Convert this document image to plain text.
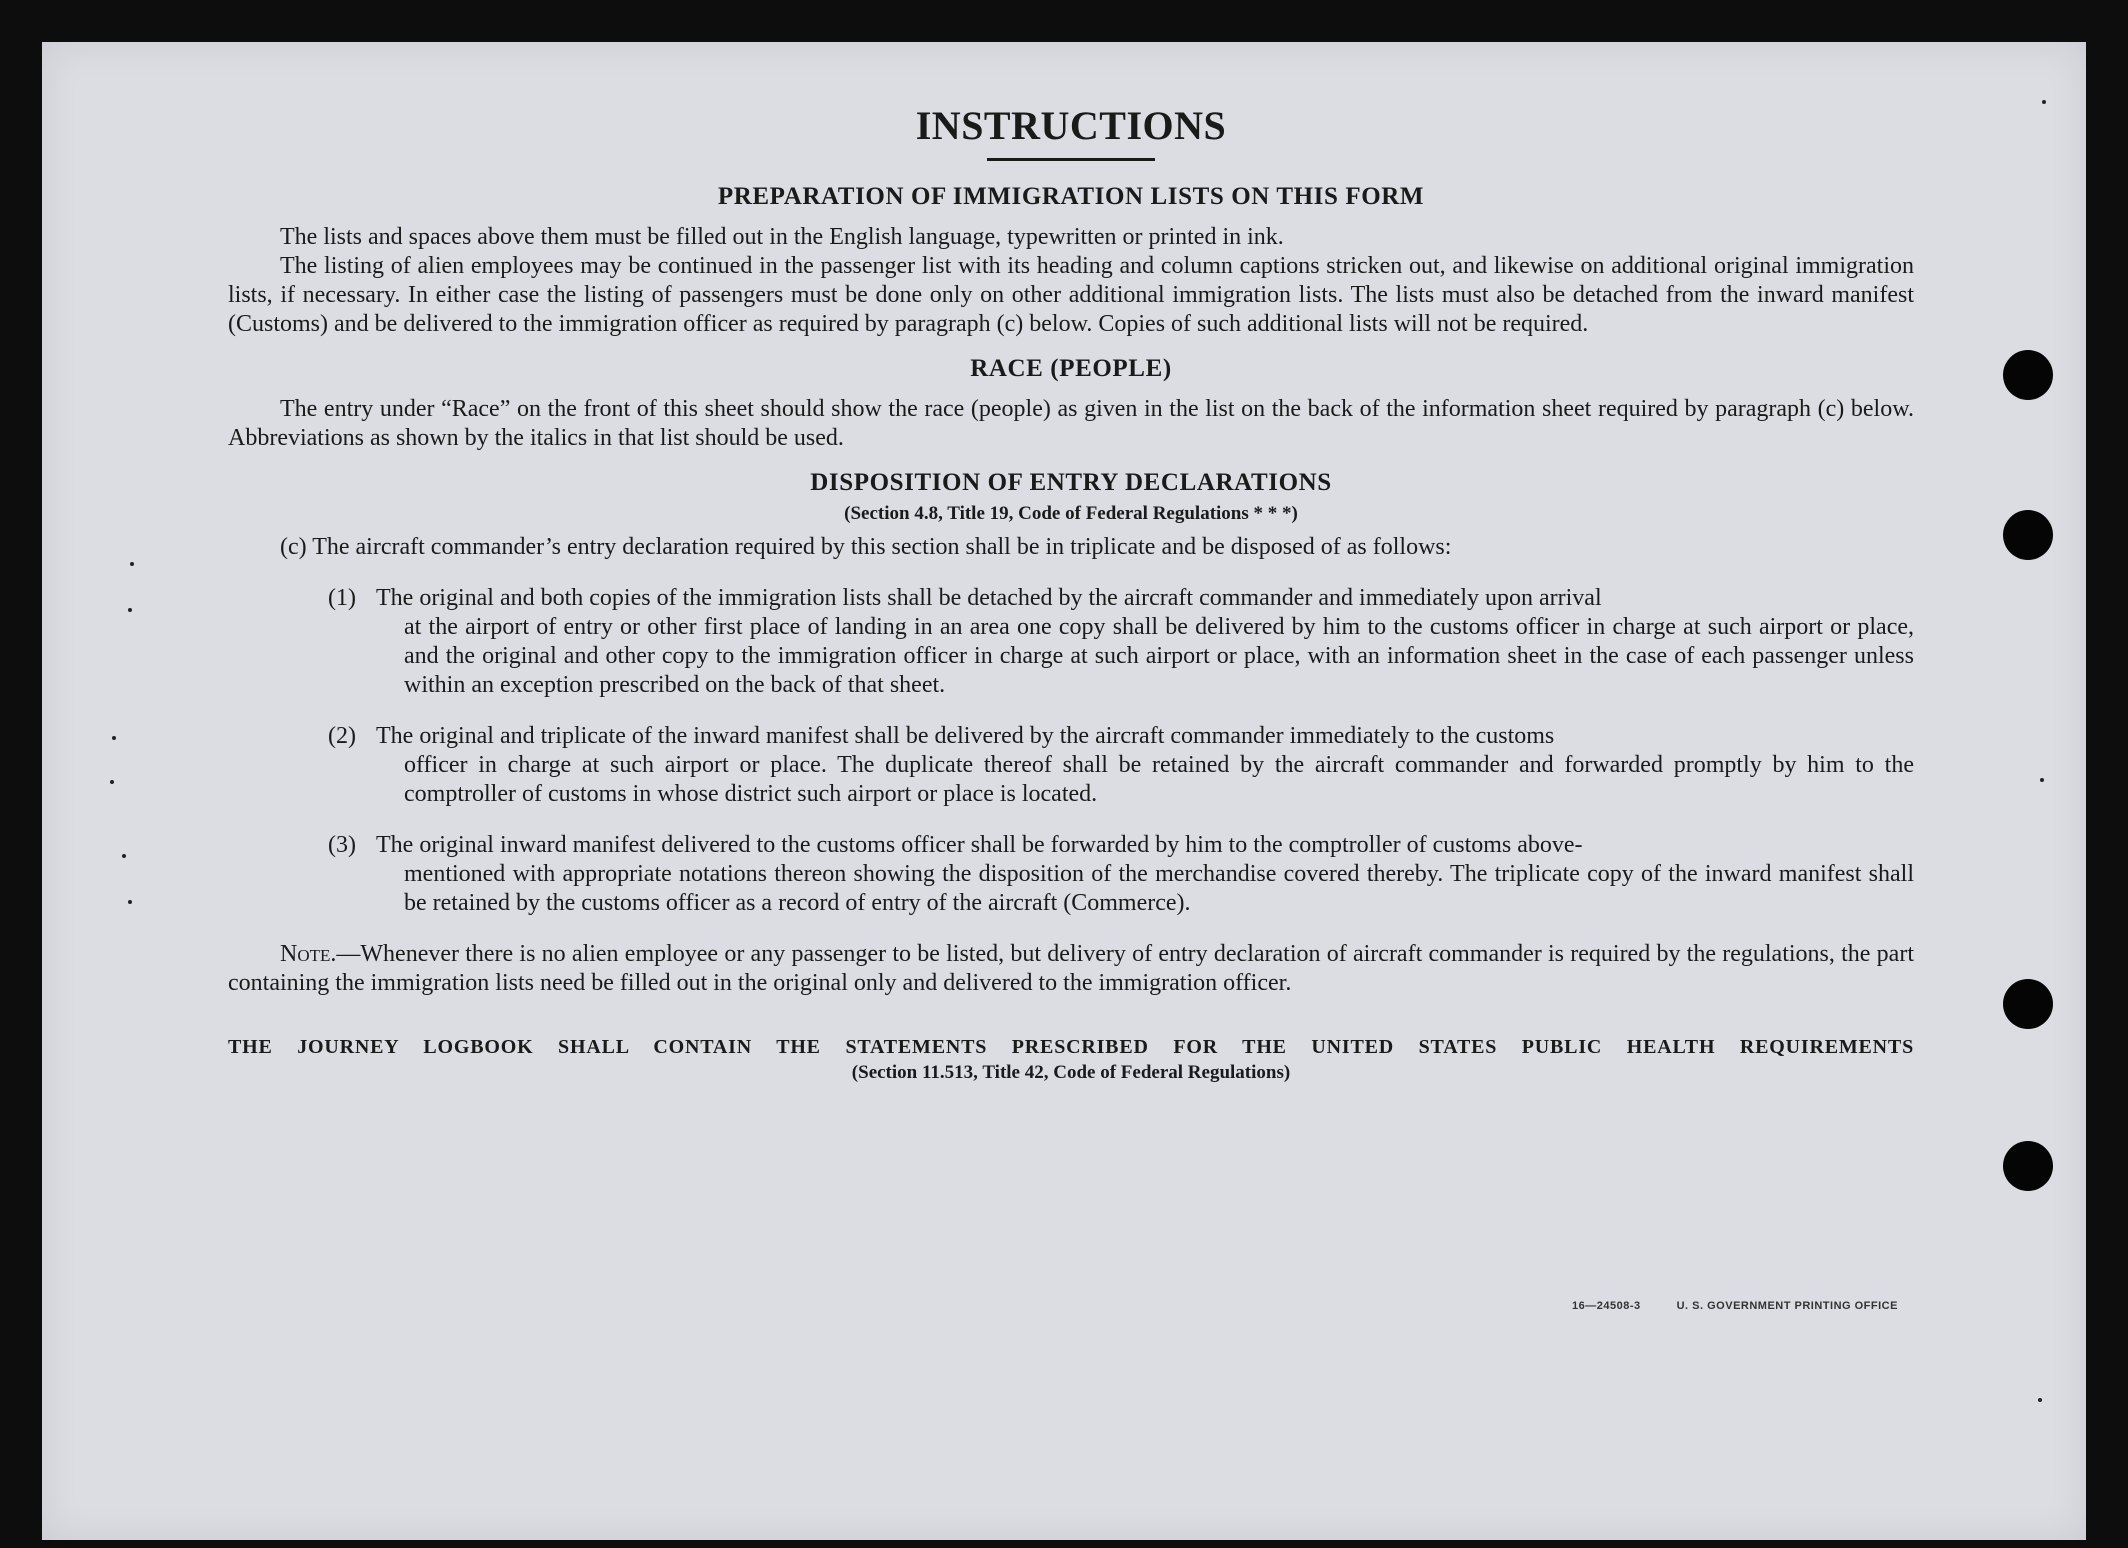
INSTRUCTIONS
PREPARATION OF IMMIGRATION LISTS ON THIS FORM

The lists and spaces above them must be filled out in the English language, typewritten or printed in ink.

The listing of alien employees may be continued in the passenger list with its heading and column captions stricken out, and likewise on additional original immigration lists, if necessary. In either case the listing of passengers must be done only on other additional immigration lists. The lists must also be detached from the inward manifest (Customs) and be delivered to the immigration officer as required by paragraph (c) below. Copies of such additional lists will not be required.

RACE (PEOPLE)

The entry under “Race” on the front of this sheet should show the race (people) as given in the list on the back of the information sheet required by paragraph (c) below. Abbreviations as shown by the italics in that list should be used.

DISPOSITION OF ENTRY DECLARATIONS
(Section 4.8, Title 19, Code of Federal Regulations * * *)

(c) The aircraft commander’s entry declaration required by this section shall be in triplicate and be disposed of as follows:

(1) The original and both copies of the immigration lists shall be detached by the aircraft commander and immediately upon arrival
at the airport of entry or other first place of landing in an area one copy shall be delivered by him to the customs officer in charge at such airport or place, and the original and other copy to the immigration officer in charge at such airport or place, with an information sheet in the case of each passenger unless within an exception prescribed on the back of that sheet.
(2) The original and triplicate of the inward manifest shall be delivered by the aircraft commander immediately to the customs
officer in charge at such airport or place. The duplicate thereof shall be retained by the aircraft commander and forwarded promptly by him to the comptroller of customs in whose district such airport or place is located.
(3) The original inward manifest delivered to the customs officer shall be forwarded by him to the comptroller of customs above-
mentioned with appropriate notations thereon showing the disposition of the merchandise covered thereby. The triplicate copy of the inward manifest shall be retained by the customs officer as a record of entry of the aircraft (Commerce).

Note.—Whenever there is no alien employee or any passenger to be listed, but delivery of entry declaration of aircraft commander is required by the regulations, the part containing the immigration lists need be filled out in the original only and delivered to the immigration officer.

THE JOURNEY LOGBOOK SHALL CONTAIN THE STATEMENTS PRESCRIBED FOR THE UNITED STATES PUBLIC HEALTH REQUIREMENTS
(Section 11.513, Title 42, Code of Federal Regulations)
16—24508-3	U. S. GOVERNMENT PRINTING OFFICE
